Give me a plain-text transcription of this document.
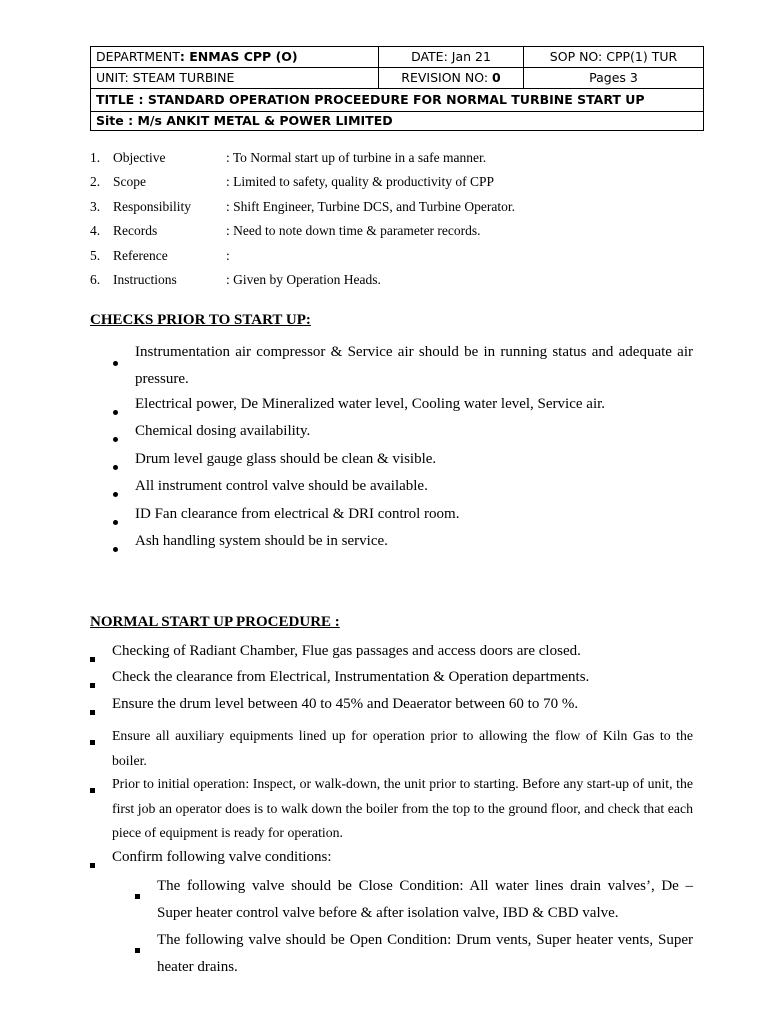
DEPARTMENT: ENMAS CPP (O)	DATE: Jan 21	SOP NO: CPP(1) TUR
UNIT: STEAM TURBINE	REVISION NO: 0	Pages 3
TITLE : STANDARD OPERATION PROCEEDURE FOR NORMAL TURBINE START UP		
Site : M/s ANKIT METAL & POWER LIMITED		
1. Objective	: To Normal start up of turbine in a safe manner.
2. Scope	: Limited to safety, quality & productivity of CPP
3. Responsibility	: Shift Engineer, Turbine DCS, and Turbine Operator.
4. Records	: Need to note down time & parameter records.
5. Reference	:
6. Instructions	: Given by Operation Heads.
CHECKS PRIOR TO START UP:
Instrumentation air compressor & Service air should be in running status and adequate air pressure.
Electrical power, De Mineralized water level, Cooling water level, Service air.
Chemical dosing availability.
Drum level gauge glass should be clean & visible.
All instrument control valve should be available.
ID Fan clearance from electrical & DRI control room.
Ash handling system should be in service.
NORMAL START UP PROCEDURE :
Checking of Radiant Chamber, Flue gas passages and access doors are closed.
Check the clearance from Electrical, Instrumentation & Operation departments.
Ensure the drum level between 40 to 45% and Deaerator between 60 to 70 %.
Ensure all auxiliary equipments lined up for operation prior to allowing the flow of Kiln Gas to the boiler.
Prior to initial operation: Inspect, or walk-down, the unit prior to starting. Before any start-up of unit, the first job an operator does is to walk down the boiler from the top to the ground floor, and check that each piece of equipment is ready for operation.
Confirm following valve conditions:
The following valve should be Close Condition: All water lines drain valves’, De – Super heater control valve before & after isolation valve, IBD & CBD valve.
The following valve should be Open Condition: Drum vents, Super heater vents, Super heater drains.
